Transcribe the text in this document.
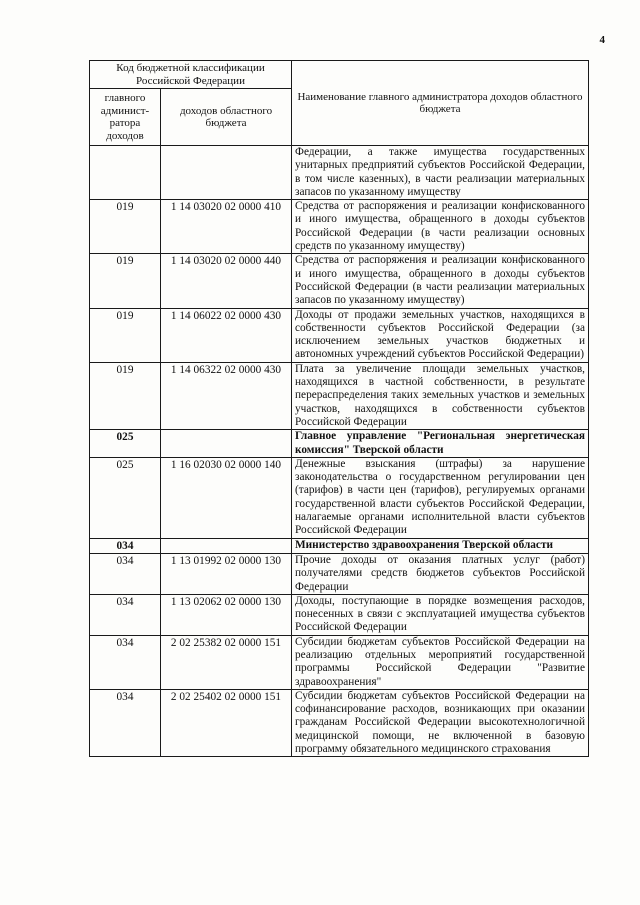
4
Код бюджетной классификации Российской Федерации		Наименование главного администратора доходов областного бюджета
главного админист-ратора доходов	доходов областного бюджета	
		Федерации, а также имущества государственных унитарных предприятий субъектов Российской Федерации, в том числе казенных), в части реализации материальных запасов по указанному имуществу
019	1 14 03020 02 0000 410	Средства от распоряжения и реализации конфискованного и иного имущества, обращенного в доходы субъектов Российской Федерации (в части реализации основных средств по указанному имуществу)
019	1 14 03020 02 0000 440	Средства от распоряжения и реализации конфискованного и иного имущества, обращенного в доходы субъектов Российской Федерации (в части реализации материальных запасов по указанному имуществу)
019	1 14 06022 02 0000 430	Доходы от продажи земельных участков, находящихся в собственности субъектов Российской Федерации (за исключением земельных участков бюджетных и автономных учреждений субъектов Российской Федерации)
019	1 14 06322 02 0000 430	Плата за увеличение площади земельных участков, находящихся в частной собственности, в результате перераспределения таких земельных участков и земельных участков, находящихся в собственности субъектов Российской Федерации
025		Главное управление "Региональная энергетическая комиссия" Тверской области
025	1 16 02030 02 0000 140	Денежные взыскания (штрафы) за нарушение законодательства о государственном регулировании цен (тарифов) в части цен (тарифов), регулируемых органами государственной власти субъектов Российской Федерации, налагаемые органами исполнительной власти субъектов Российской Федерации
034		Министерство здравоохранения Тверской области
034	1 13 01992 02 0000 130	Прочие доходы от оказания платных услуг (работ) получателями средств бюджетов субъектов Российской Федерации
034	1 13 02062 02 0000 130	Доходы, поступающие в порядке возмещения расходов, понесенных в связи с эксплуатацией имущества субъектов Российской Федерации
034	2 02 25382 02 0000 151	Субсидии бюджетам субъектов Российской Федерации на реализацию отдельных мероприятий государственной программы Российской Федерации "Развитие здравоохранения"
034	2 02 25402 02 0000 151	Субсидии бюджетам субъектов Российской Федерации на софинансирование расходов, возникающих при оказании гражданам Российской Федерации высокотехнологичной медицинской помощи, не включенной в базовую программу обязательного медицинского страхования
